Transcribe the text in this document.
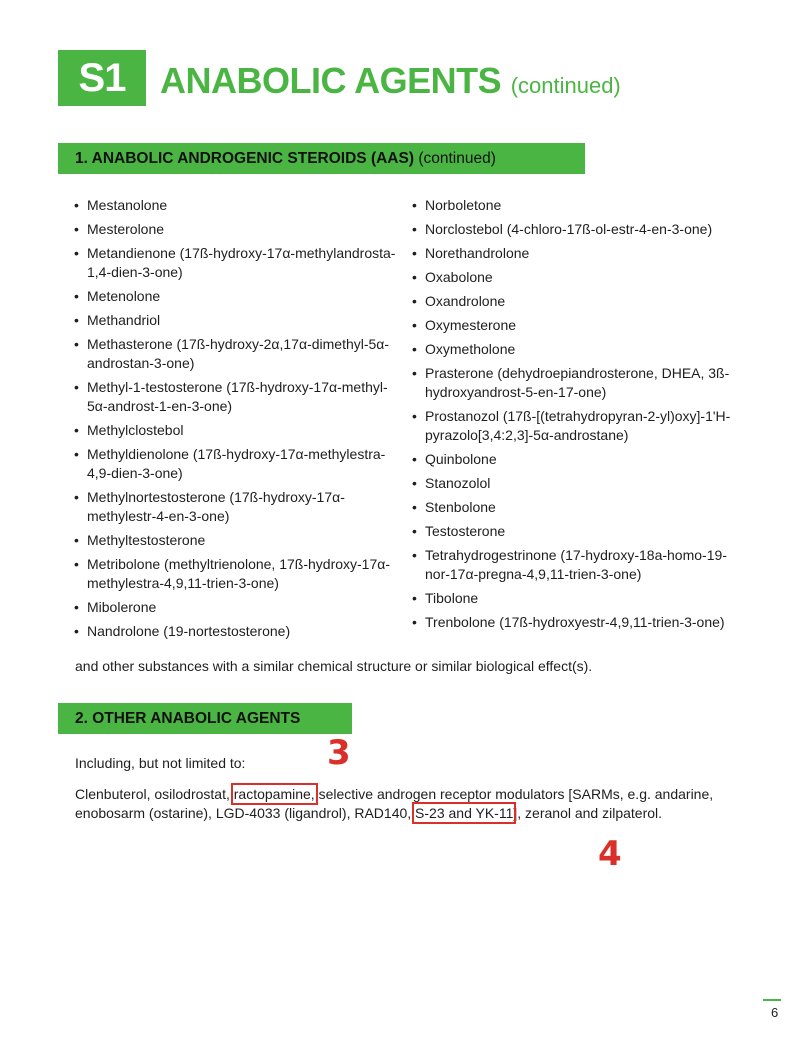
S1 ANABOLIC AGENTS (continued)
1. ANABOLIC ANDROGENIC STEROIDS (AAS)
(continued)
• Mestanolone
• Mesterolone
• Metandienone (17ß-hydroxy-17α-methylandrosta-1,4-dien-3-one)
• Metenolone
• Methandriol
• Methasterone (17ß-hydroxy-2α,17α-dimethyl-5α-androstan-3-one)
• Methyl-1-testosterone (17ß-hydroxy-17α-methyl-5α-androst-1-en-3-one)
• Methylclostebol
• Methyldienolone (17ß-hydroxy-17α-methylestra-4,9-dien-3-one)
• Methylnortestosterone (17ß-hydroxy-17α-methylestr-4-en-3-one)
• Methyltestosterone
• Metribolone (methyltrienolone, 17ß-hydroxy-17α-methylestra-4,9,11-trien-3-one)
• Mibolerone
• Nandrolone (19-nortestosterone)
• Norboletone
• Norclostebol (4-chloro-17ß-ol-estr-4-en-3-one)
• Norethandrolone
• Oxabolone
• Oxandrolone
• Oxymesterone
• Oxymetholone
• Prasterone (dehydroepiandrosterone, DHEA, 3ß-hydroxyandrost-5-en-17-one)
• Prostanozol (17ß-[(tetrahydropyran-2-yl)oxy]-1'H-pyrazolo[3,4:2,3]-5α-androstane)
• Quinbolone
• Stanozolol
• Stenbolone
• Testosterone
• Tetrahydrogestrinone (17-hydroxy-18a-homo-19-nor-17α-pregna-4,9,11-trien-3-one)
• Tibolone
• Trenbolone (17ß-hydroxyestr-4,9,11-trien-3-one)
and other substances with a similar chemical structure or similar biological effect(s).
2. OTHER ANABOLIC AGENTS
Including, but not limited to:
Clenbuterol, osilodrostat, ractopamine, selective androgen receptor modulators [SARMs, e.g. andarine, enobosarm (ostarine), LGD-4033 (ligandrol), RAD140, S-23 and YK-11], zeranol and zilpaterol.
3
4
6
